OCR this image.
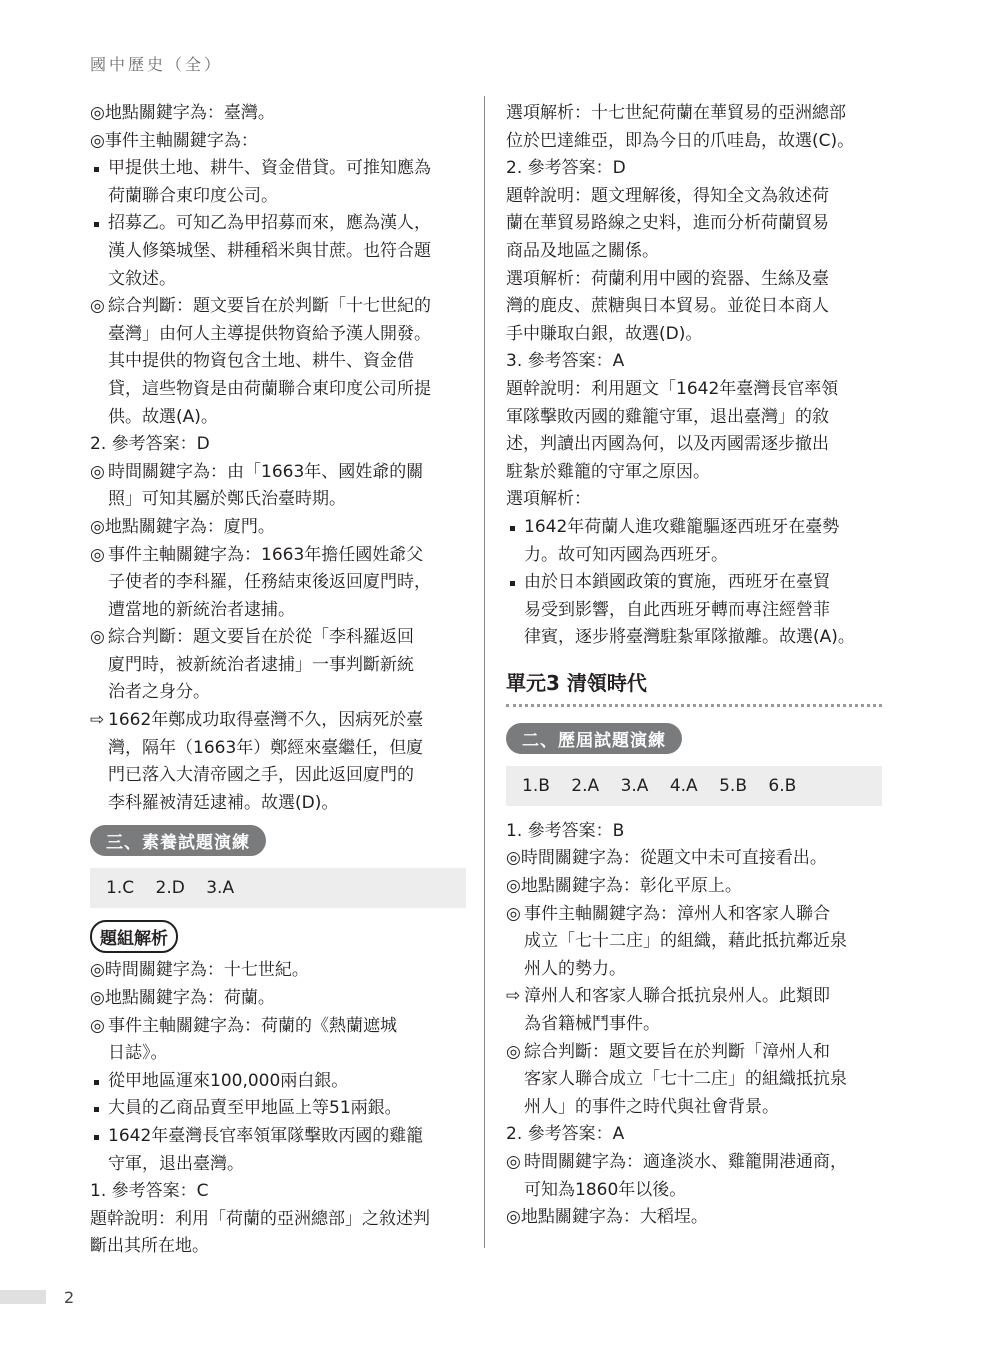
國中歷史（全）
◎地點關鍵字為：臺灣。
◎事件主軸關鍵字為：
甲提供土地、耕牛、資金借貸。可推知應為
荷蘭聯合東印度公司。
招募乙。可知乙為甲招募而來，應為漢人，
漢人修築城堡、耕種稻米與甘蔗。也符合題
文敘述。
◎ 綜合判斷：題文要旨在於判斷「十七世紀的
臺灣」由何人主導提供物資給予漢人開發。
其中提供的物資包含土地、耕牛、資金借
貸，這些物資是由荷蘭聯合東印度公司所提
供。故選(A)。
2. 參考答案：D
◎ 時間關鍵字為：由「1663年、國姓爺的關
照」可知其屬於鄭氏治臺時期。
◎地點關鍵字為：廈門。
◎ 事件主軸關鍵字為：1663年擔任國姓爺父
子使者的李科羅，任務結束後返回廈門時，
遭當地的新統治者逮捕。
◎ 綜合判斷：題文要旨在於從「李科羅返回
廈門時，被新統治者逮捕」一事判斷新統
治者之身分。
⇨ 1662年鄭成功取得臺灣不久，因病死於臺
灣，隔年（1663年）鄭經來臺繼任，但廈
門已落入大清帝國之手，因此返回廈門的
李科羅被清廷逮補。故選(D)。
三、素養試題演練
1.C 2.D 3.A
題組解析
◎時間關鍵字為：十七世紀。
◎地點關鍵字為：荷蘭。
◎ 事件主軸關鍵字為：荷蘭的《熱蘭遮城
日誌》。
從甲地區運來100,000兩白銀。
大員的乙商品賣至甲地區上等51兩銀。
1642年臺灣長官率領軍隊擊敗丙國的雞籠
守軍，退出臺灣。
1. 參考答案：C
題幹說明：利用「荷蘭的亞洲總部」之敘述判
斷出其所在地。
選項解析：十七世紀荷蘭在華貿易的亞洲總部
位於巴達維亞，即為今日的爪哇島，故選(C)。
2. 參考答案：D
題幹說明：題文理解後，得知全文為敘述荷
蘭在華貿易路線之史料，進而分析荷蘭貿易
商品及地區之關係。
選項解析：荷蘭利用中國的瓷器、生絲及臺
灣的鹿皮、蔗糖與日本貿易。並從日本商人
手中賺取白銀，故選(D)。
3. 參考答案：A
題幹說明：利用題文「1642年臺灣長官率領
軍隊擊敗丙國的雞籠守軍，退出臺灣」的敘
述，判讀出丙國為何，以及丙國需逐步撤出
駐紮於雞籠的守軍之原因。
選項解析：
1642年荷蘭人進攻雞籠驅逐西班牙在臺勢
力。故可知丙國為西班牙。
由於日本鎖國政策的實施，西班牙在臺貿
易受到影響，自此西班牙轉而專注經營菲
律賓，逐步將臺灣駐紮軍隊撤離。故選(A)。
單元3 清領時代
二、歷屆試題演練
1.B 2.A 3.A 4.A 5.B 6.B
1. 參考答案：B
◎時間關鍵字為：從題文中未可直接看出。
◎地點關鍵字為：彰化平原上。
◎ 事件主軸關鍵字為：漳州人和客家人聯合
成立「七十二庄」的組織，藉此抵抗鄰近泉
州人的勢力。
⇨ 漳州人和客家人聯合抵抗泉州人。此類即
為省籍械鬥事件。
◎ 綜合判斷：題文要旨在於判斷「漳州人和
客家人聯合成立「七十二庄」的組織抵抗泉
州人」的事件之時代與社會背景。
2. 參考答案：A
◎ 時間關鍵字為：適逢淡水、雞籠開港通商，
可知為1860年以後。
◎地點關鍵字為：大稻埕。
2
